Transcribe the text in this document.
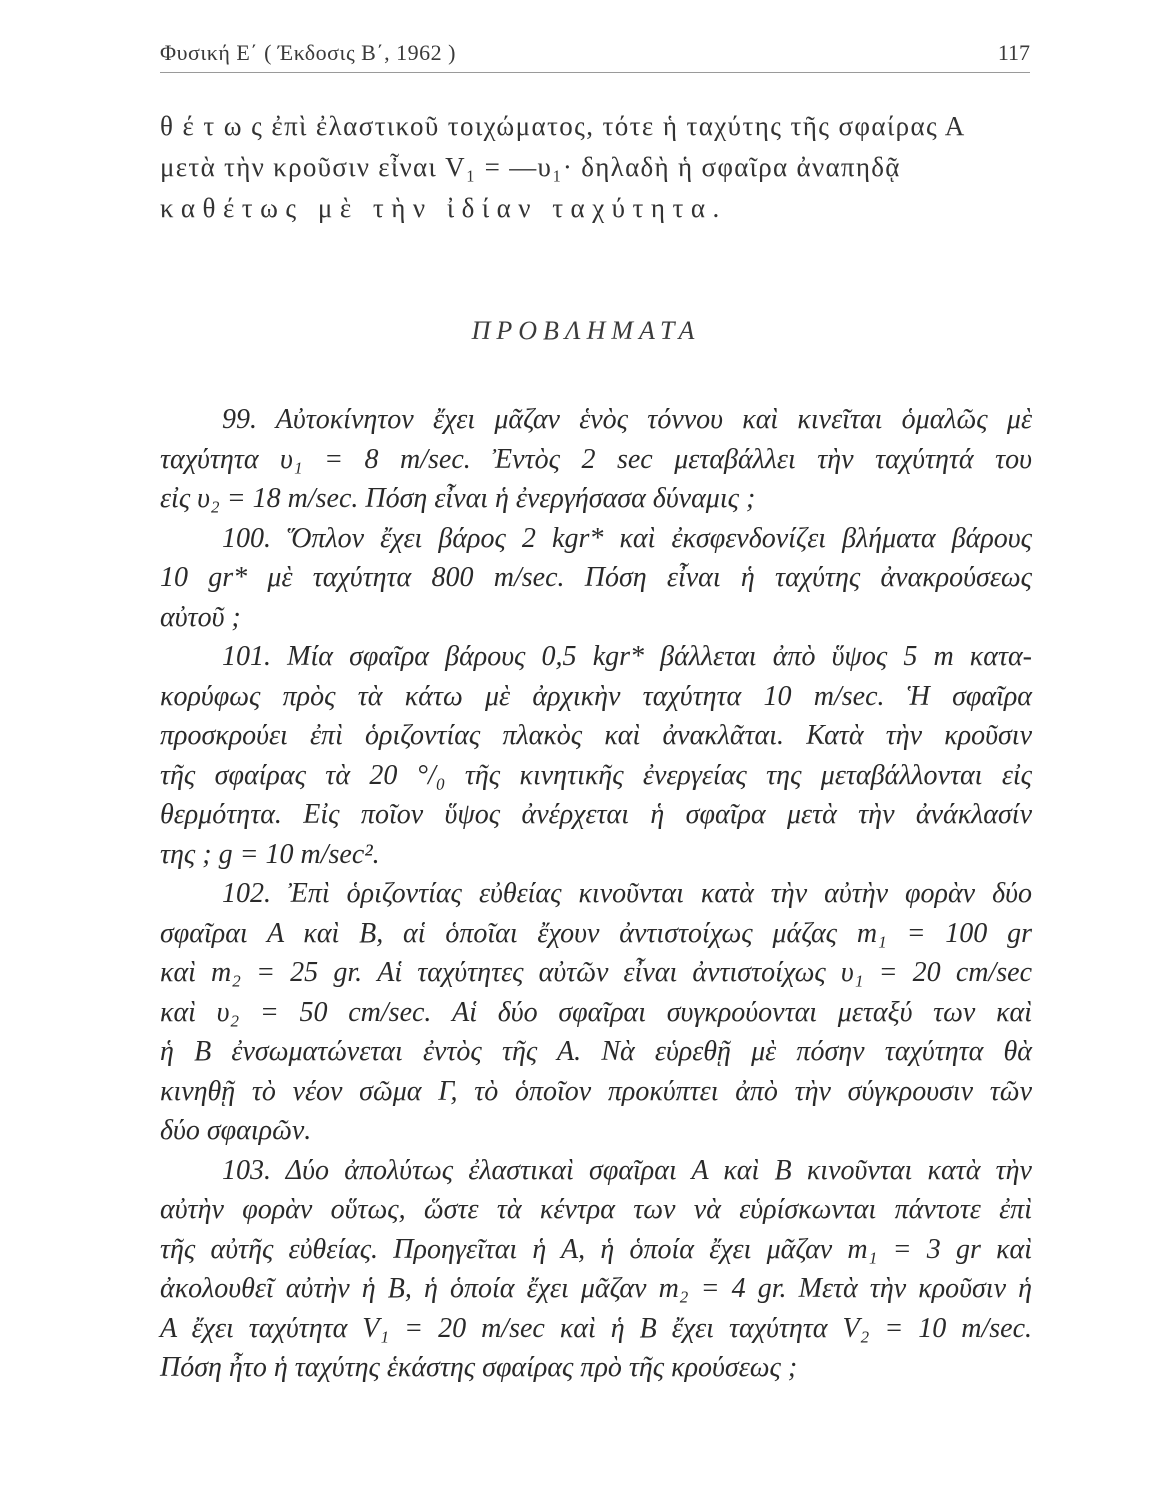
Φυσική Ε΄ ( Έκδοσις Β΄, 1962 )	117
θ έ τ ω ς ἐπὶ ἐλαστικοῦ τοιχώματος, τότε ἡ ταχύτης τῆς σφαίρας Α
μετὰ τὴν κροῦσιν εἶναι V₁ = —υ₁· δηλαδὴ ἡ σφαῖρα ἀναπηδᾷ
καθέτως μὲ τὴν ἰδίαν ταχύτητα.
ΠΡΟΒΛΗΜΑΤΑ
99. Αὐτοκίνητον ἔχει μᾶζαν ἑνὸς τόννου καὶ κινεῖται ὁμαλῶς μὲ
ταχύτητα υ₁ = 8 m/sec. Ἐντὸς 2 sec μεταβάλλει τὴν ταχύτητά του
εἰς υ₂ = 18 m/sec. Πόση εἶναι ἡ ἐνεργήσασα δύναμις ;
100. Ὅπλον ἔχει βάρος 2 kgr* καὶ ἐκσφενδονίζει βλήματα βάρους
10 gr* μὲ ταχύτητα 800 m/sec. Πόση εἶναι ἡ ταχύτης ἀνακρούσεως
αὐτοῦ ;
101. Μία σφαῖρα βάρους 0,5 kgr* βάλλεται ἀπὸ ὕψος 5 m κατα-
κορύφως πρὸς τὰ κάτω μὲ ἀρχικὴν ταχύτητα 10 m/sec. Ἡ σφαῖρα
προσκρούει ἐπὶ ὁριζοντίας πλακὸς καὶ ἀνακλᾶται. Κατὰ τὴν κροῦσιν
τῆς σφαίρας τὰ 20 °/₀ τῆς κινητικῆς ἐνεργείας της μεταβάλλονται εἰς
θερμότητα. Εἰς ποῖον ὕψος ἀνέρχεται ἡ σφαῖρα μετὰ τὴν ἀνάκλασίν
της ; g = 10 m/sec².
102. Ἐπὶ ὁριζοντίας εὐθείας κινοῦνται κατὰ τὴν αὐτὴν φορὰν δύο
σφαῖραι Α καὶ Β, αἱ ὁποῖαι ἔχουν ἀντιστοίχως μάζας m₁ = 100 gr
καὶ m₂ = 25 gr. Αἱ ταχύτητες αὐτῶν εἶναι ἀντιστοίχως υ₁ = 20 cm/sec
καὶ υ₂ = 50 cm/sec. Αἱ δύο σφαῖραι συγκρούονται μεταξύ των καὶ
ἡ Β ἐνσωματώνεται ἐντὸς τῆς Α. Νὰ εὑρεθῇ μὲ πόσην ταχύτητα θὰ
κινηθῇ τὸ νέον σῶμα Γ, τὸ ὁποῖον προκύπτει ἀπὸ τὴν σύγκρουσιν τῶν
δύο σφαιρῶν.
103. Δύο ἀπολύτως ἐλαστικαὶ σφαῖραι Α καὶ Β κινοῦνται κατὰ τὴν
αὐτὴν φορὰν οὕτως, ὥστε τὰ κέντρα των νὰ εὑρίσκωνται πάντοτε ἐπὶ
τῆς αὐτῆς εὐθείας. Προηγεῖται ἡ Α, ἡ ὁποία ἔχει μᾶζαν m₁ = 3 gr καὶ
ἀκολουθεῖ αὐτὴν ἡ Β, ἡ ὁποία ἔχει μᾶζαν m₂ = 4 gr. Μετὰ τὴν κροῦσιν ἡ
Α ἔχει ταχύτητα V₁ = 20 m/sec καὶ ἡ Β ἔχει ταχύτητα V₂ = 10 m/sec.
Πόση ἦτο ἡ ταχύτης ἑκάστης σφαίρας πρὸ τῆς κρούσεως ;
